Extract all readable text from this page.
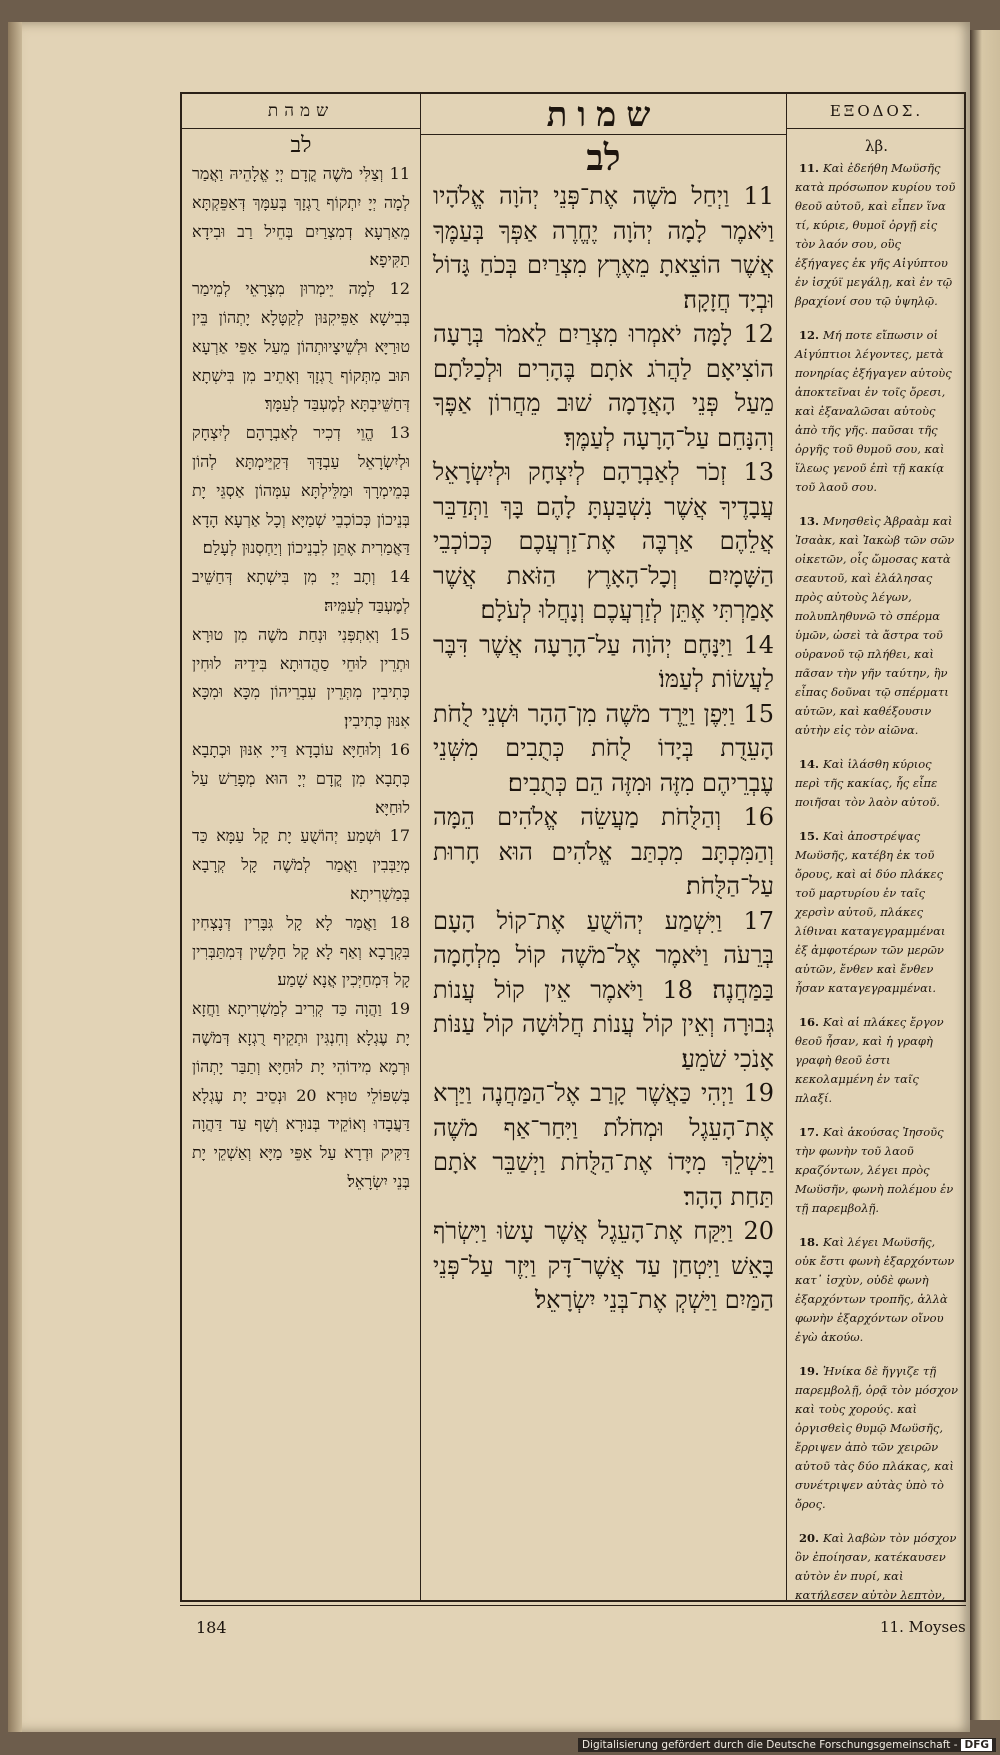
שמהת
לב
11 וְצַלִּי מֹשֶׁה קֳדָם יְיָ אֱלָהֵיהּ וַאֲמַר לְמָה יְיָ יִתְקוֹף רֻגְזָךְ בְּעַמָּךְ דְּאַפֵּקְתָּא מֵאַרְעָא דְמִצְרַיִם בְּחֵיל רַב וּבִידָא תַקִּיפָא׃
12 לְמָה יֵימְרוּן מִצְרָאֵי לְמֵימַר בְּבִישָׁא אַפֵּיקִנּוּן לְקַטָּלָא יָתְהוֹן בֵּין טוּרַיָּא וּלְשֵׁיצָיוּתְהוֹן מֵעַל אַפֵּי אַרְעָא תּוּב מִתְּקוֹף רֻגְזָךְ וְאָתֵיב מִן בִּישְׁתָא דְּחַשֵּׁיבְתָּא לְמֶעְבַּד לְעַמָּךְ׃
13 הֱוֵי דְכִיר לְאַבְרָהָם לְיִצְחָק וּלְיִשְׂרָאֵל עַבְדָּךְ דְּקַיֵּימְתָּא לְהוֹן בְּמֵימְרָךְ וּמַלֵּילְתָּא עִמְּהוֹן אַסְגֵּי יָת בְּנֵיכוֹן כְּכוֹכְבֵי שְׁמַיָּא וְכָל אַרְעָא הָדָא דַּאֲמַרִית אֶתֵּן לִבְנֵיכוֹן וְיַחְסְנוּן לְעָלַם׃
14 וְתָב יְיָ מִן בִּישְׁתָא דְּחַשֵּׁיב לְמֶעְבַּד לְעַמֵּיהּ׃
15 וְאִתְפְּנִי וּנְחַת מֹשֶׁה מִן טוּרָא וּתְרֵין לוּחֵי סַהֲדוּתָא בִּידֵיהּ לוּחִין כְּתִיבִין מִתְּרֵין עִבְרֵיהוֹן מִכָּא וּמִכָּא אִנּוּן כְּתִיבִין׃
16 וְלוּחַיָּא עוֹבָדָא דַּייָ אִנּוּן וּכְתָבָא כְּתָבָא מִן קֳדָם יְיָ הוּא מְפָרַשׁ עַל לוּחַיָּא׃
17 וּשְׁמַע יְהוֹשֻׁעַ יָת קָל עַמָּא כַּד מְיַבְּבִין וַאֲמַר לְמֹשֶׁה קָל קְרָבָא בְּמַשְׁרִיתָא׃
18 וַאֲמַר לָא קָל גִּבָּרִין דְּנָצְחִין בִּקְרָבָא וְאַף לָא קָל חַלָּשִׁין דְּמִתַּבְּרִין קָל דִּמְחַיְּכִין אֲנָא שָׁמַע׃
19 וַהֲוָה כַּד קְרִיב לְמַשְׁרִיתָא וַחֲזָא יָת עֶגְלָא וְחִנְגִּין וּתְקֵיף רֻגְזָא דְּמֹשֶׁה וּרְמָא מִידוֹהִי יָת לוּחַיָּא וְתַבַּר יָתְהוֹן בְּשִׁפּוֹלֵי טוּרָא׃ 20 וּנְסֵיב יָת עֶגְלָא דַּעֲבָדוּ וְאוֹקֵיד בְּנוּרָא וְשָׁף עַד דַּהֲוָה דַּקִּיק וּדְרָא עַל אַפֵּי מַיָּא וְאַשְׁקֵי יָת בְּנֵי יִשְׂרָאֵל׃
שמות
לב
11 וַיְחַל מֹשֶׁה אֶת־פְּנֵי יְהֹוָה אֱלֹהָיו וַיֹּאמֶר לָמָה יְהֹוָה יֶחֱרֶה אַפְּךָ בְּעַמֶּךָ אֲשֶׁר הוֹצֵאתָ מֵאֶרֶץ מִצְרַיִם בְּכֹחַ גָּדוֹל וּבְיָד חֲזָקָה׃
12 לָמָּה יֹאמְרוּ מִצְרַיִם לֵאמֹר בְּרָעָה הוֹצִיאָם לַהֲרֹג אֹתָם בֶּהָרִים וּלְכַלֹּתָם מֵעַל פְּנֵי הָאֲדָמָה שׁוּב מֵחֲרוֹן אַפֶּךָ וְהִנָּחֵם עַל־הָרָעָה לְעַמֶּךָ׃
13 זְכֹר לְאַבְרָהָם לְיִצְחָק וּלְיִשְׂרָאֵל עֲבָדֶיךָ אֲשֶׁר נִשְׁבַּעְתָּ לָהֶם בָּךְ וַתְּדַבֵּר אֲלֵהֶם אַרְבֶּה אֶת־זַרְעֲכֶם כְּכוֹכְבֵי הַשָּׁמָיִם וְכָל־הָאָרֶץ הַזֹּאת אֲשֶׁר אָמַרְתִּי אֶתֵּן לְזַרְעֲכֶם וְנָחֲלוּ לְעֹלָם׃
14 וַיִּנָּחֶם יְהֹוָה עַל־הָרָעָה אֲשֶׁר דִּבֶּר לַעֲשׂוֹת לְעַמּוֹ׃
15 וַיִּפֶן וַיֵּרֶד מֹשֶׁה מִן־הָהָר וּשְׁנֵי לֻחֹת הָעֵדֻת בְּיָדוֹ לֻחֹת כְּתֻבִים מִשְּׁנֵי עֶבְרֵיהֶם מִזֶּה וּמִזֶּה הֵם כְּתֻבִים׃
16 וְהַלֻּחֹת מַעֲשֵׂה אֱלֹהִים הֵמָּה וְהַמִּכְתָּב מִכְתַּב אֱלֹהִים הוּא חָרוּת עַל־הַלֻּחֹת׃
17 וַיִּשְׁמַע יְהוֹשֻׁעַ אֶת־קוֹל הָעָם בְּרֵעֹה וַיֹּאמֶר אֶל־מֹשֶׁה קוֹל מִלְחָמָה בַּמַּחֲנֶה׃ 18 וַיֹּאמֶר אֵין קוֹל עֲנוֹת גְּבוּרָה וְאֵין קוֹל עֲנוֹת חֲלוּשָׁה קוֹל עַנּוֹת אָנֹכִי שֹׁמֵעַ׃
19 וַיְהִי כַּאֲשֶׁר קָרַב אֶל־הַמַּחֲנֶה וַיַּרְא אֶת־הָעֵגֶל וּמְחֹלֹת וַיִּחַר־אַף מֹשֶׁה וַיַּשְׁלֵךְ מִיָּדוֹ אֶת־הַלֻּחֹת וַיְשַׁבֵּר אֹתָם תַּחַת הָהָר׃
20 וַיִּקַּח אֶת־הָעֵגֶל אֲשֶׁר עָשׂוּ וַיִּשְׂרֹף בָּאֵשׁ וַיִּטְחַן עַד אֲשֶׁר־דָּק וַיִּזֶר עַל־פְּנֵי הַמַּיִם וַיַּשְׁקְ אֶת־בְּנֵי יִשְׂרָאֵל׃
ΕΞΟΔΟΣ.
λβ.
11. Καὶ ἐδεήθη Μωϋσῆς κατὰ πρόσωπον κυρίου τοῦ θεοῦ αὐτοῦ, καὶ εἶπεν ἵνα τί, κύριε, θυμοῖ ὀργῇ εἰς τὸν λαόν σου, οὓς ἐξήγαγες ἐκ γῆς Αἰγύπτου ἐν ἰσχύϊ μεγάλῃ, καὶ ἐν τῷ βραχίονί σου τῷ ὑψηλῷ.
12. Μή ποτε εἴπωσιν οἱ Αἰγύπτιοι λέγοντες, μετὰ πονηρίας ἐξήγαγεν αὐτοὺς ἀποκτεῖναι ἐν τοῖς ὄρεσι, καὶ ἐξαναλῶσαι αὐτοὺς ἀπὸ τῆς γῆς. παῦσαι τῆς ὀργῆς τοῦ θυμοῦ σου, καὶ ἵλεως γενοῦ ἐπὶ τῇ κακίᾳ τοῦ λαοῦ σου.
13. Μνησθεὶς Ἀβραὰμ καὶ Ἰσαὰκ, καὶ Ἰακὼβ τῶν σῶν οἰκετῶν, οἷς ὤμοσας κατὰ σεαυτοῦ, καὶ ἐλάλησας πρὸς αὐτοὺς λέγων, πολυπληθυνῶ τὸ σπέρμα ὑμῶν, ὡσεὶ τὰ ἄστρα τοῦ οὐρανοῦ τῷ πλήθει, καὶ πᾶσαν τὴν γῆν ταύτην, ἣν εἶπας δοῦναι τῷ σπέρματι αὐτῶν, καὶ καθέξουσιν αὐτὴν εἰς τὸν αἰῶνα.
14. Καὶ ἱλάσθη κύριος περὶ τῆς κακίας, ἧς εἶπε ποιῆσαι τὸν λαὸν αὐτοῦ.
15. Καὶ ἀποστρέψας Μωϋσῆς, κατέβη ἐκ τοῦ ὄρους, καὶ αἱ δύο πλάκες τοῦ μαρτυρίου ἐν ταῖς χερσὶν αὐτοῦ, πλάκες λίθιναι καταγεγραμμέναι ἐξ ἀμφοτέρων τῶν μερῶν αὐτῶν, ἔνθεν καὶ ἔνθεν ἦσαν καταγεγραμμέναι.
16. Καὶ αἱ πλάκες ἔργον θεοῦ ἦσαν, καὶ ἡ γραφὴ γραφὴ θεοῦ ἐστι κεκολαμμένη ἐν ταῖς πλαξί.
17. Καὶ ἀκούσας Ἰησοῦς τὴν φωνὴν τοῦ λαοῦ κραζόντων, λέγει πρὸς Μωϋσῆν, φωνὴ πολέμου ἐν τῇ παρεμβολῇ.
18. Καὶ λέγει Μωϋσῆς, οὐκ ἔστι φωνὴ ἐξαρχόντων κατ᾽ ἰσχὺν, οὐδὲ φωνὴ ἐξαρχόντων τροπῆς, ἀλλὰ φωνὴν ἐξαρχόντων οἴνου ἐγὼ ἀκούω.
19. Ἡνίκα δὲ ἤγγιζε τῇ παρεμβολῇ, ὁρᾷ τὸν μόσχον καὶ τοὺς χορούς. καὶ ὀργισθεὶς θυμῷ Μωϋσῆς, ἔρριψεν ἀπὸ τῶν χειρῶν αὐτοῦ τὰς δύο πλάκας, καὶ συνέτριψεν αὐτὰς ὑπὸ τὸ ὄρος.
20. Καὶ λαβὼν τὸν μόσχον ὃν ἐποίησαν, κατέκαυσεν αὐτὸν ἐν πυρί, καὶ κατήλεσεν αὐτὸν λεπτὸν,
184	11. Moyses
Digitalisierung gefördert durch die Deutsche Forschungsgemeinschaft - DFG
